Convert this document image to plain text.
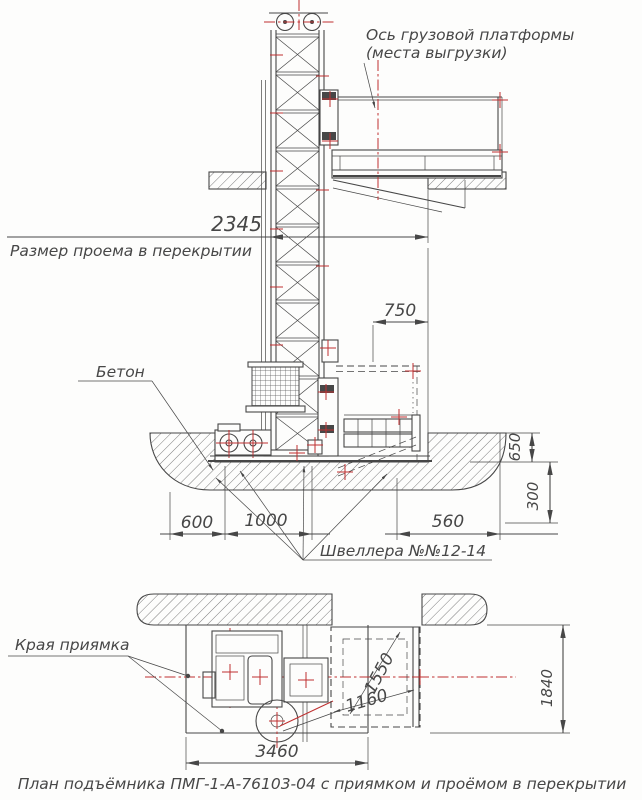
2345
Размер проема в перекрытии
750
Ось грузовой платформы
(места выгрузки)
Бетон
650
300
600 1000	560
Швеллера №№12-14
1160
1550
Края приямка
1840
3460
План подъёмника ПМГ-1-А-76103-04 с приямком и проёмом в перекрытии
